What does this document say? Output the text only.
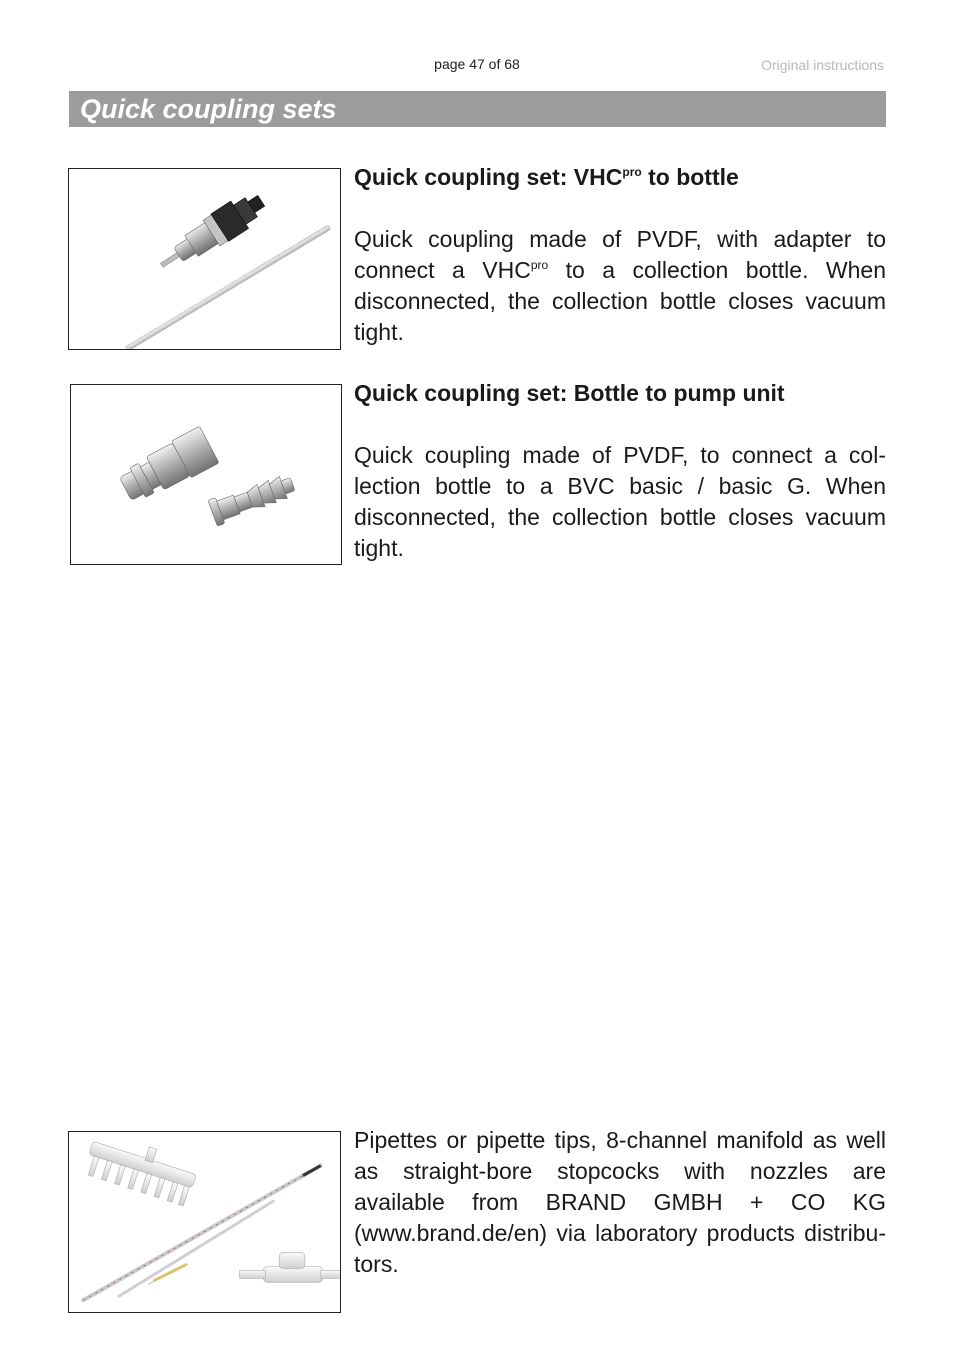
page 47 of 68	Original instructions
Quick coupling sets
Quick coupling set: $VHC^{pro}$ to bottle

Quick coupling made of PVDF, with adapter to connect a $VHC^{pro}$ to a collection bottle. When disconnected, the collection bottle closes vacuum tight.

Quick coupling set: Bottle to pump unit

Quick coupling made of PVDF, to connect a collection bottle to a BVC basic / basic G. When disconnected, the collection bottle closes vacuum tight.

Pipettes or pipette tips, 8-channel manifold as well as straight-bore stopcocks with nozzles are available from BRAND GMBH + CO KG (www.brand.de/en) via laboratory products distributors.
